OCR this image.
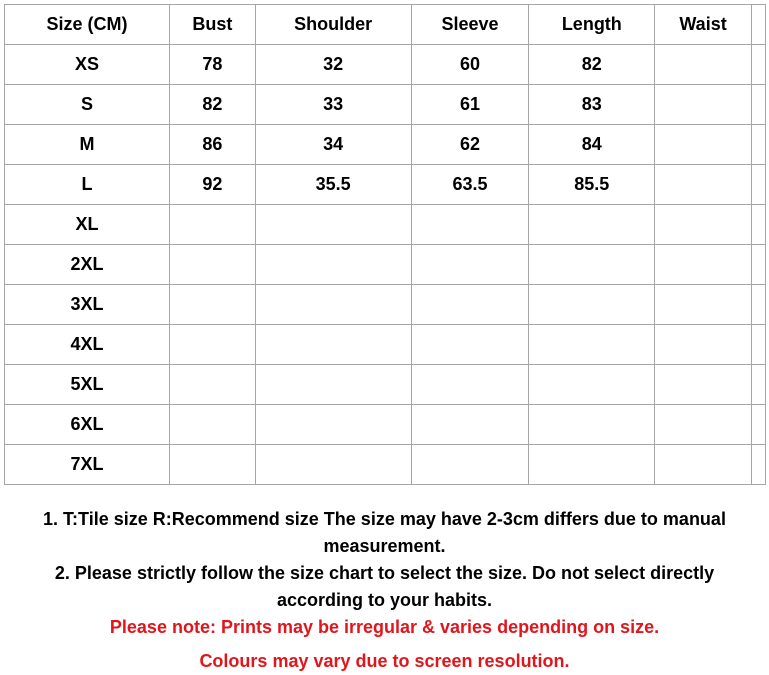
Size (CM)	Bust	Shoulder	Sleeve	Length	Waist	
XS	78	32	60	82		
S	82	33	61	83		
M	86	34	62	84		
L	92	35.5	63.5	85.5		
XL						
2XL						
3XL						
4XL						
5XL						
6XL						
7XL						
1. T:Tile size R:Recommend size The size may have 2-3cm differs due to manual measurement.
2. Please strictly follow the size chart to select the size. Do not select directly according to your habits.
Please note: Prints may be irregular & varies depending on size.
Colours may vary due to screen resolution.
